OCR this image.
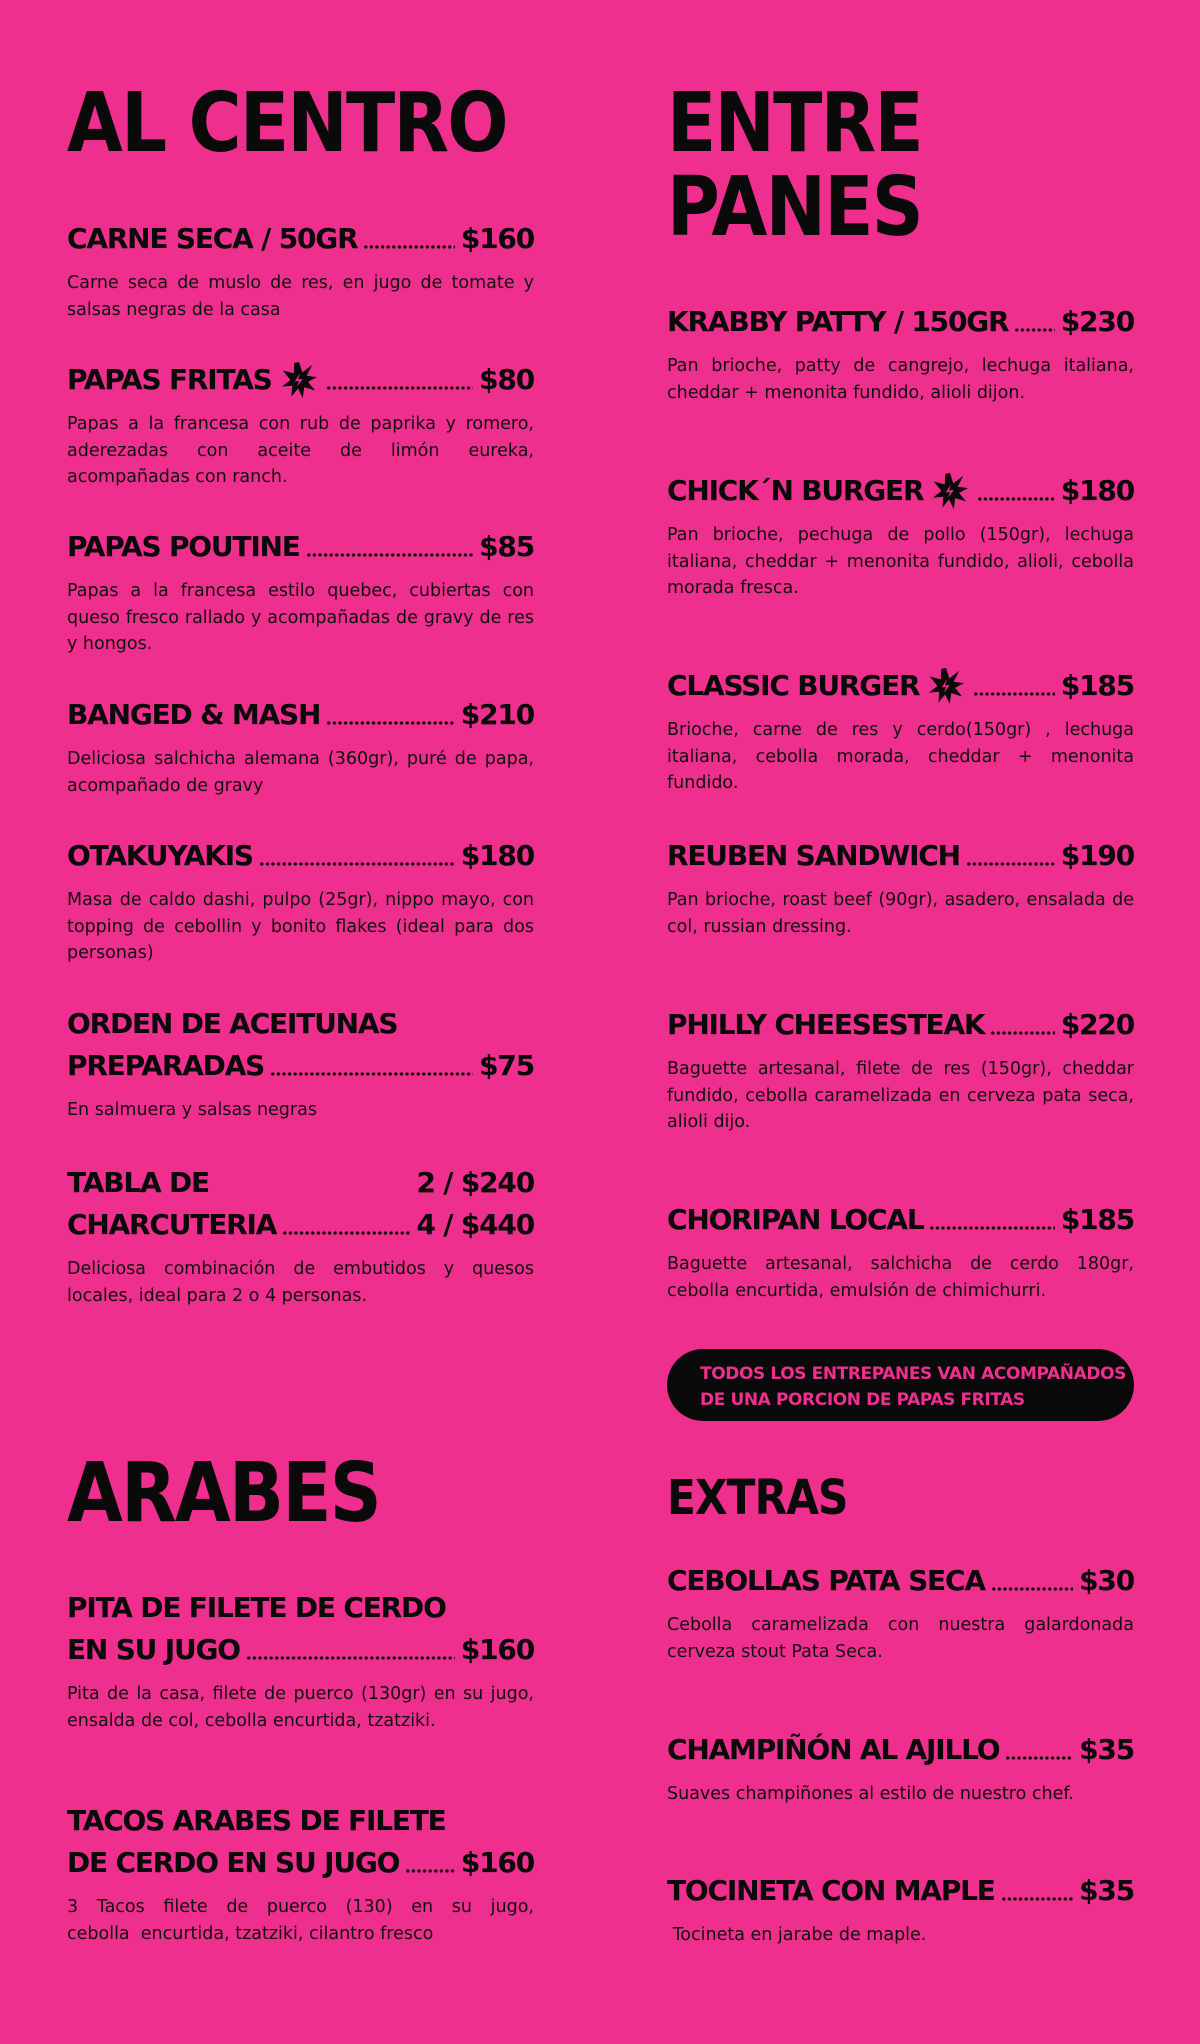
AL CENTRO
CARNE SECA / 50GR	$160
Carne seca de muslo de res, en jugo de tomate y salsas negras de la casa
PAPAS FRITAS	$80
Papas a la francesa con rub de paprika y romero, aderezadas con aceite de limón eureka, acompañadas con ranch.
PAPAS POUTINE	$85
Papas a la francesa estilo quebec, cubiertas con queso fresco rallado y acompañadas de gravy de res y hongos.
BANGED & MASH	$210
Deliciosa salchicha alemana (360gr), puré de papa, acompañado de gravy
OTAKUYAKIS	$180
Masa de caldo dashi, pulpo (25gr), nippo mayo, con topping de cebollin y bonito flakes (ideal para dos personas)
ORDEN DE ACEITUNAS
PREPARADAS	$75
En salmuera y salsas negras
TABLA DE	2 / $240
CHARCUTERIA	4 / $440
Deliciosa combinación de embutidos y quesos locales, ideal para 2 o 4 personas.
ARABES
PITA DE FILETE DE CERDO
EN SU JUGO	$160
Pita de la casa, filete de puerco (130gr) en su jugo, ensalda de col, cebolla encurtida, tzatziki.
TACOS ARABES DE FILETE
DE CERDO EN SU JUGO $160
3 Tacos filete de puerco (130) en su jugo,         cebolla  encurtida, tzatziki, cilantro fresco
ENTRE
PANES
KRABBY PATTY / 150GR $230
Pan brioche, patty de cangrejo, lechuga italiana, cheddar + menonita fundido, alioli dijon.
CHICK´N BURGER	$180
Pan brioche, pechuga de pollo (150gr), lechuga italiana, cheddar + menonita fundido, alioli, cebolla morada fresca.
CLASSIC BURGER	$185
Brioche, carne de res y cerdo(150gr) , lechuga italiana, cebolla morada, cheddar + menonita fundido.
REUBEN SANDWICH	$190
Pan brioche, roast beef (90gr), asadero, ensalada de col, russian dressing.
PHILLY CHEESESTEAK	$220
Baguette artesanal, filete de res (150gr), cheddar fundido, cebolla caramelizada en cerveza pata seca, alioli dijo.
CHORIPAN LOCAL	$185
Baguette artesanal, salchicha de cerdo 180gr, cebolla encurtida, emulsión de chimichurri.
TODOS LOS ENTREPANES VAN ACOMPAÑADOS
DE UNA PORCION DE PAPAS FRITAS
EXTRAS
CEBOLLAS PATA SECA	$30
Cebolla caramelizada con nuestra galardonada cerveza stout Pata Seca.
CHAMPIÑÓN AL AJILLO	$35
Suaves champiñones al estilo de nuestro chef.
TOCINETA CON MAPLE	$35
Tocineta en jarabe de maple.
